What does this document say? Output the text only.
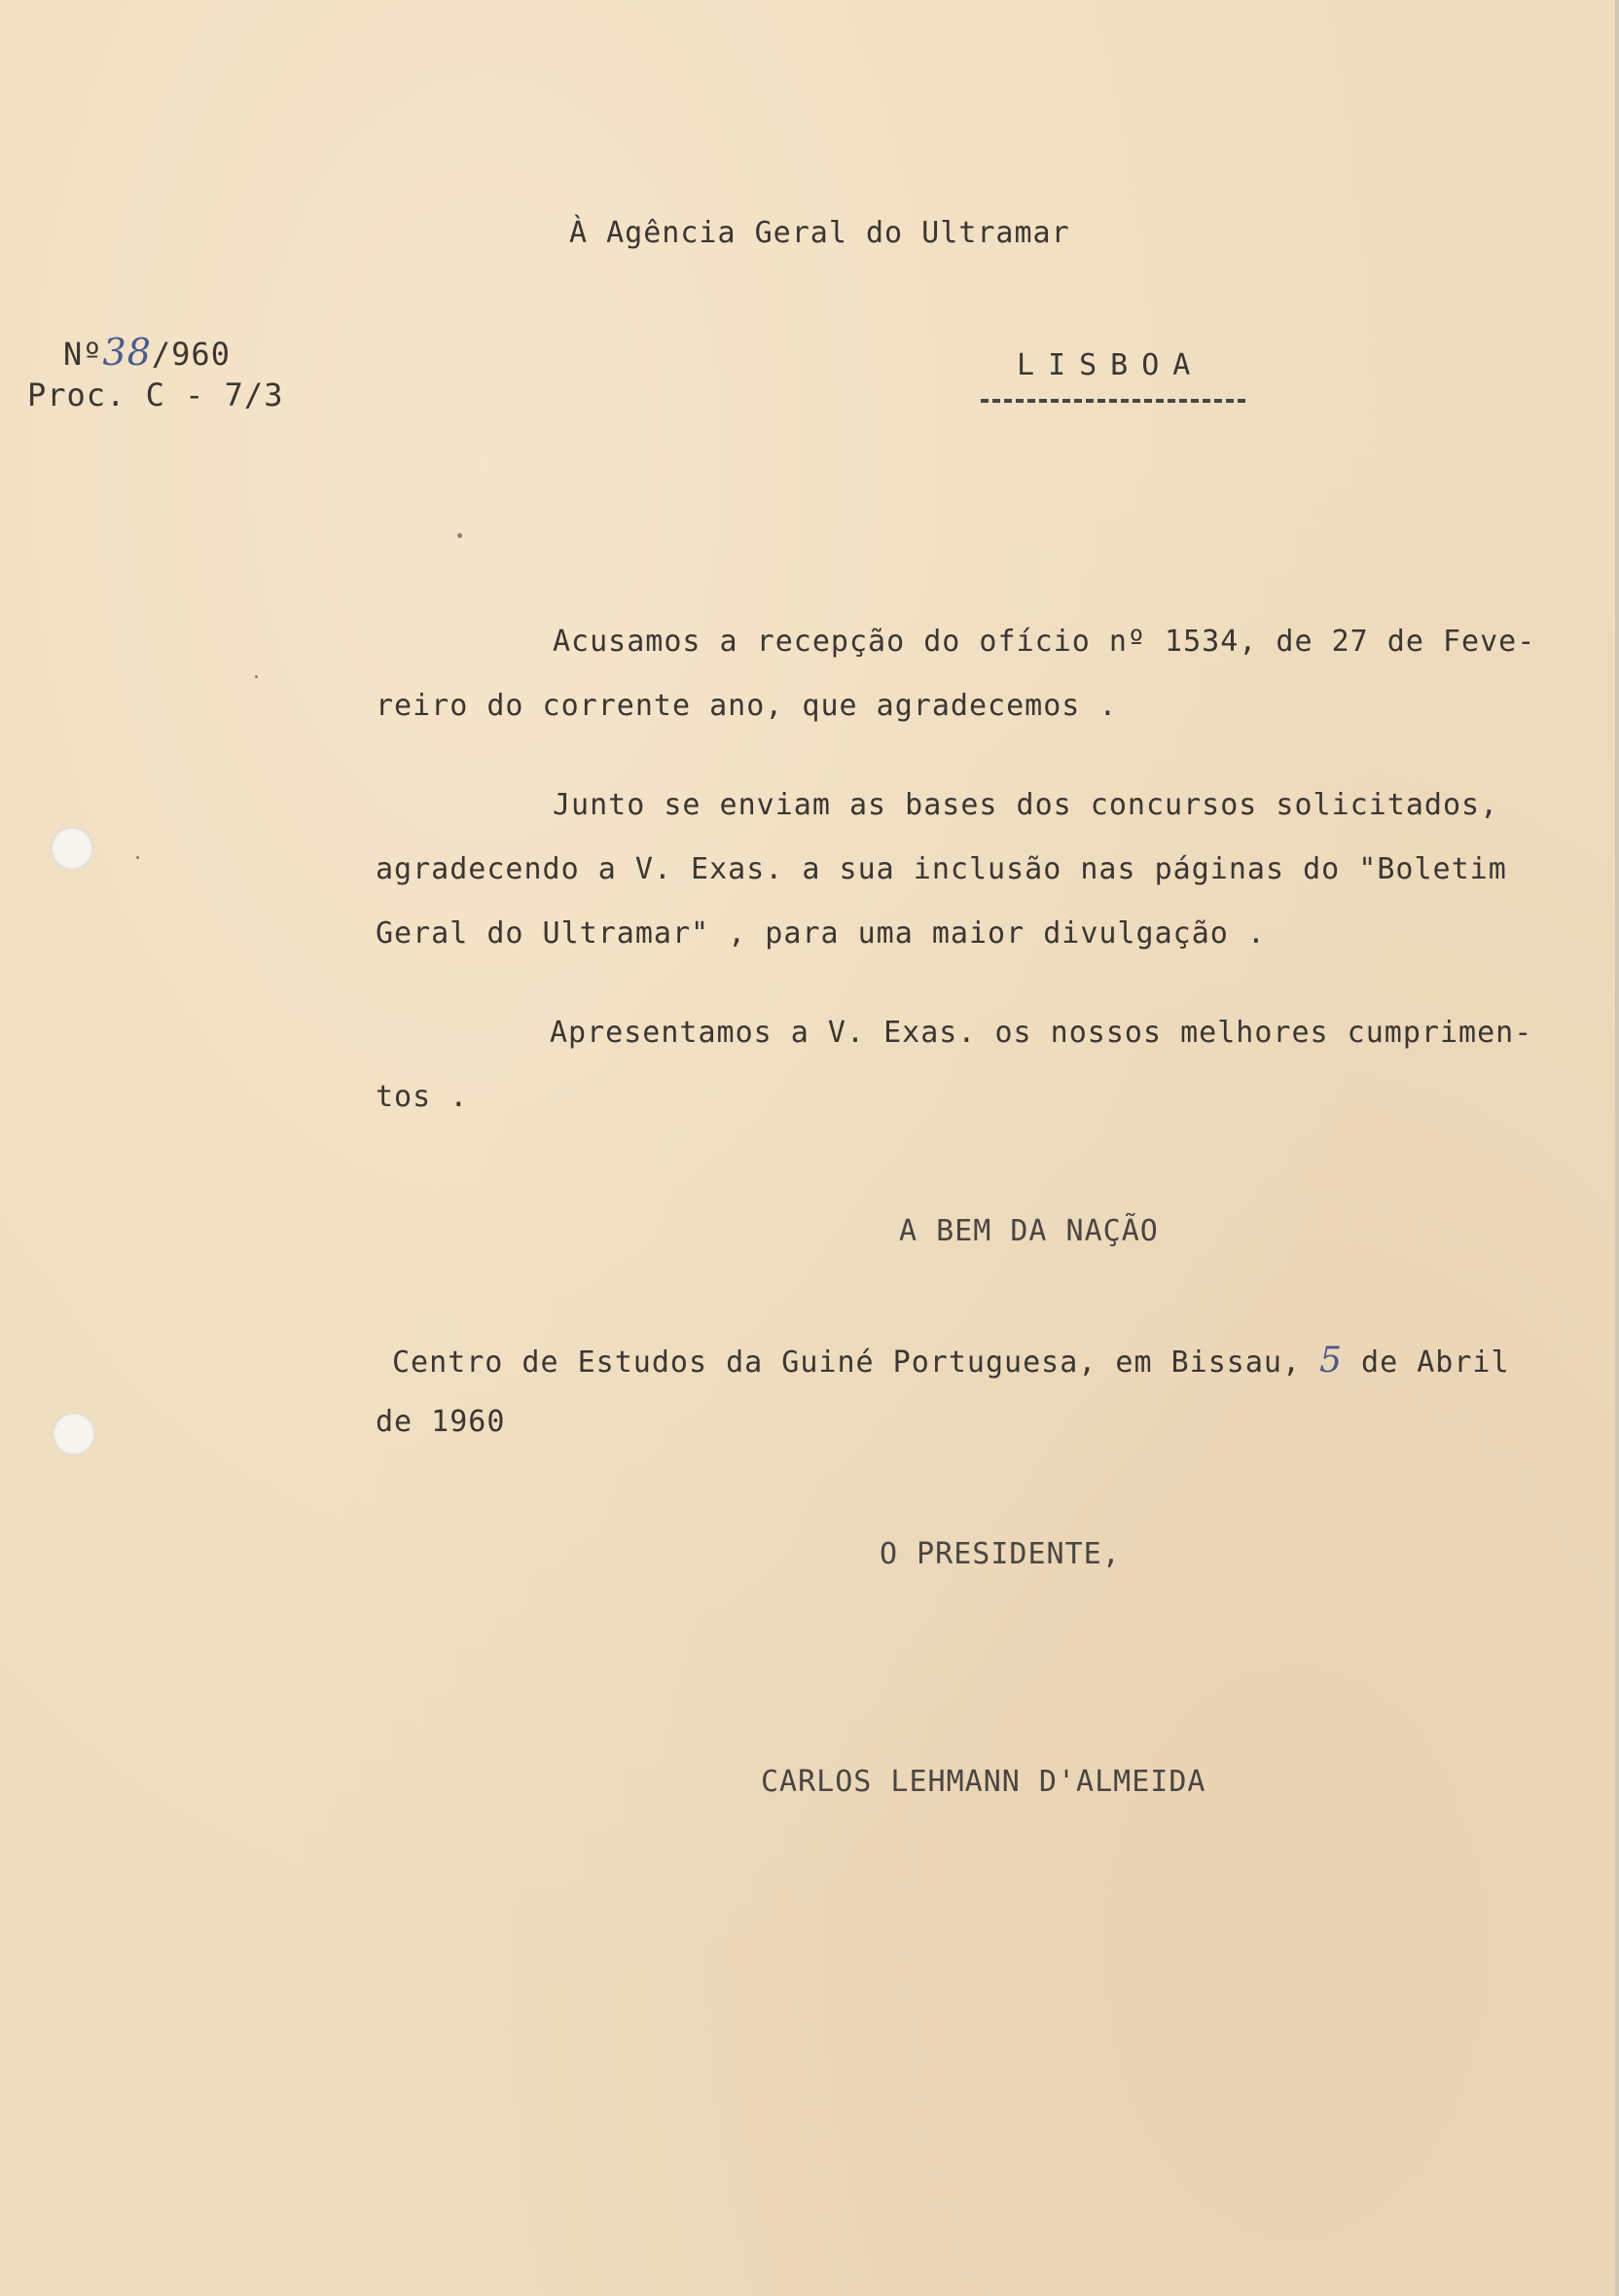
À Agência Geral do Ultramar
Nº38/960
Proc. C - 7/3
LISBOA
Acusamos a recepção do ofício nº 1534, de 27 de Feve-
reiro do corrente ano, que agradecemos .
Junto se enviam as bases dos concursos solicitados,
agradecendo a V. Exas. a sua inclusão nas páginas do "Boletim
Geral do Ultramar" , para uma maior divulgação .
Apresentamos a V. Exas. os nossos melhores cumprimen-
tos .
A BEM DA NAÇÃO
Centro de Estudos da Guiné Portuguesa, em Bissau, 5 de Abril
de 1960
O PRESIDENTE,
CARLOS LEHMANN D'ALMEIDA
